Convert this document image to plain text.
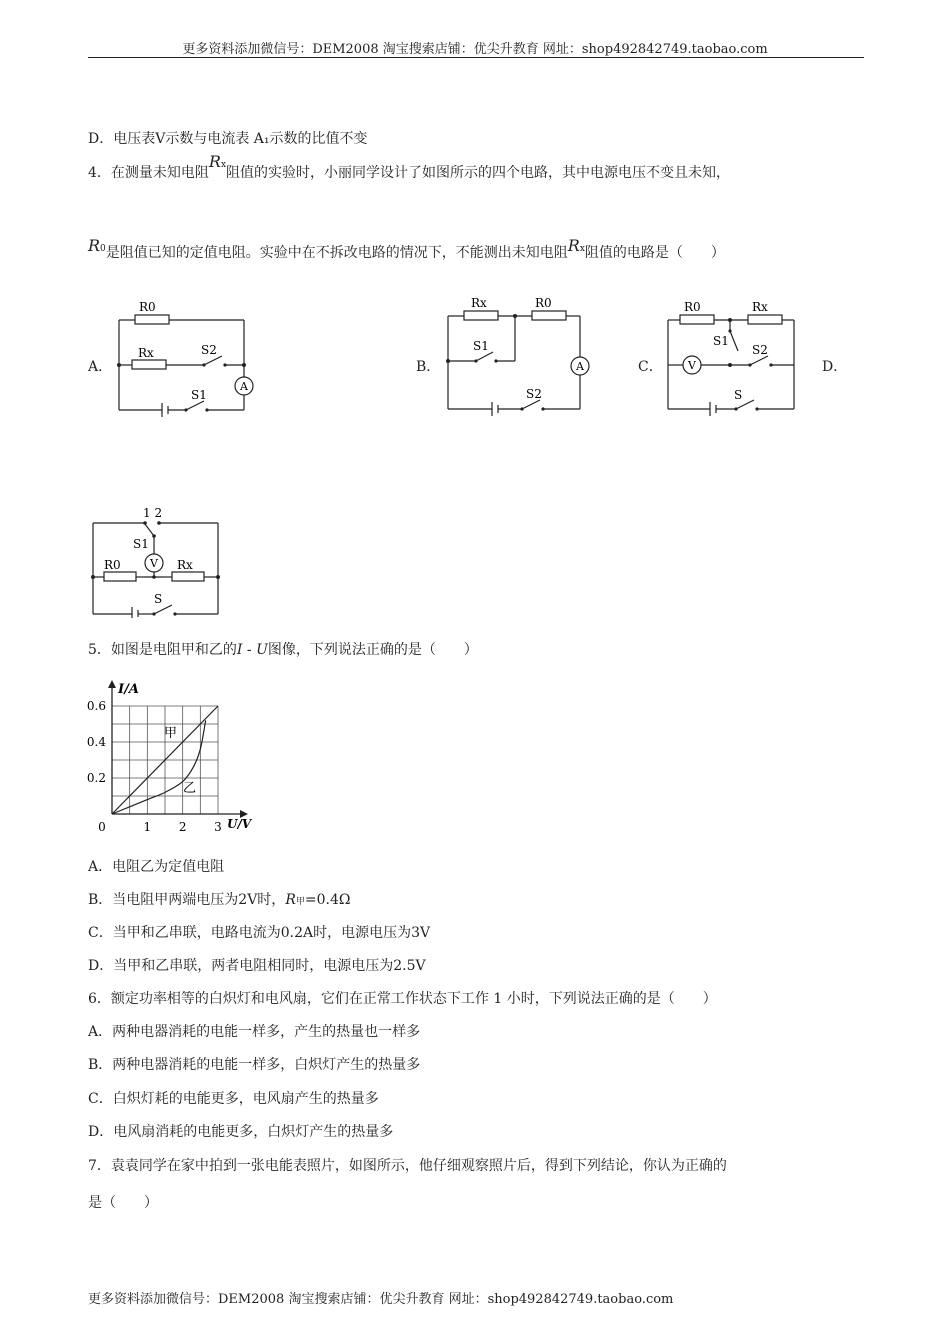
更多资料添加微信号：DEM2008 淘宝搜索店铺：优尖升教育 网址：shop492842749.taobao.com
D．电压表V示数与电流表 A₁示数的比值不变
4．在测量未知电阻Rx阻值的实验时，小丽同学设计了如图所示的四个电路，其中电源电压不变且未知，
R0是阻值已知的定值电阻。实验中在不拆改电路的情况下，不能测出未知电阻Rx阻值的电路是（　　）
A．	B．	C．	D．
R0
Rx	S2
S1
A
Rx	R0
S1
S2
A
R0	Rx
S1
S2
S
V
1 2
S1
R0	Rx
S
V
5．如图是电阻甲和乙的I - U图像，下列说法正确的是（　　）
0	1 2 3
0.2
0.4
0.6
I/A
U/V
甲
乙
A．电阻乙为定值电阻
B．当电阻甲两端电压为2V时，R甲=0.4Ω
C．当甲和乙串联，电路电流为0.2A时，电源电压为3V
D．当甲和乙串联，两者电阻相同时，电源电压为2.5V
6．额定功率相等的白炽灯和电风扇，它们在正常工作状态下工作 1 小时，下列说法正确的是（　　）
A．两种电器消耗的电能一样多，产生的热量也一样多
B．两种电器消耗的电能一样多，白炽灯产生的热量多
C．白炽灯耗的电能更多，电风扇产生的热量多
D．电风扇消耗的电能更多，白炽灯产生的热量多
7．袁袁同学在家中拍到一张电能表照片，如图所示，他仔细观察照片后，得到下列结论，你认为正确的
是（　　）
更多资料添加微信号：DEM2008 淘宝搜索店铺：优尖升教育 网址：shop492842749.taobao.com
